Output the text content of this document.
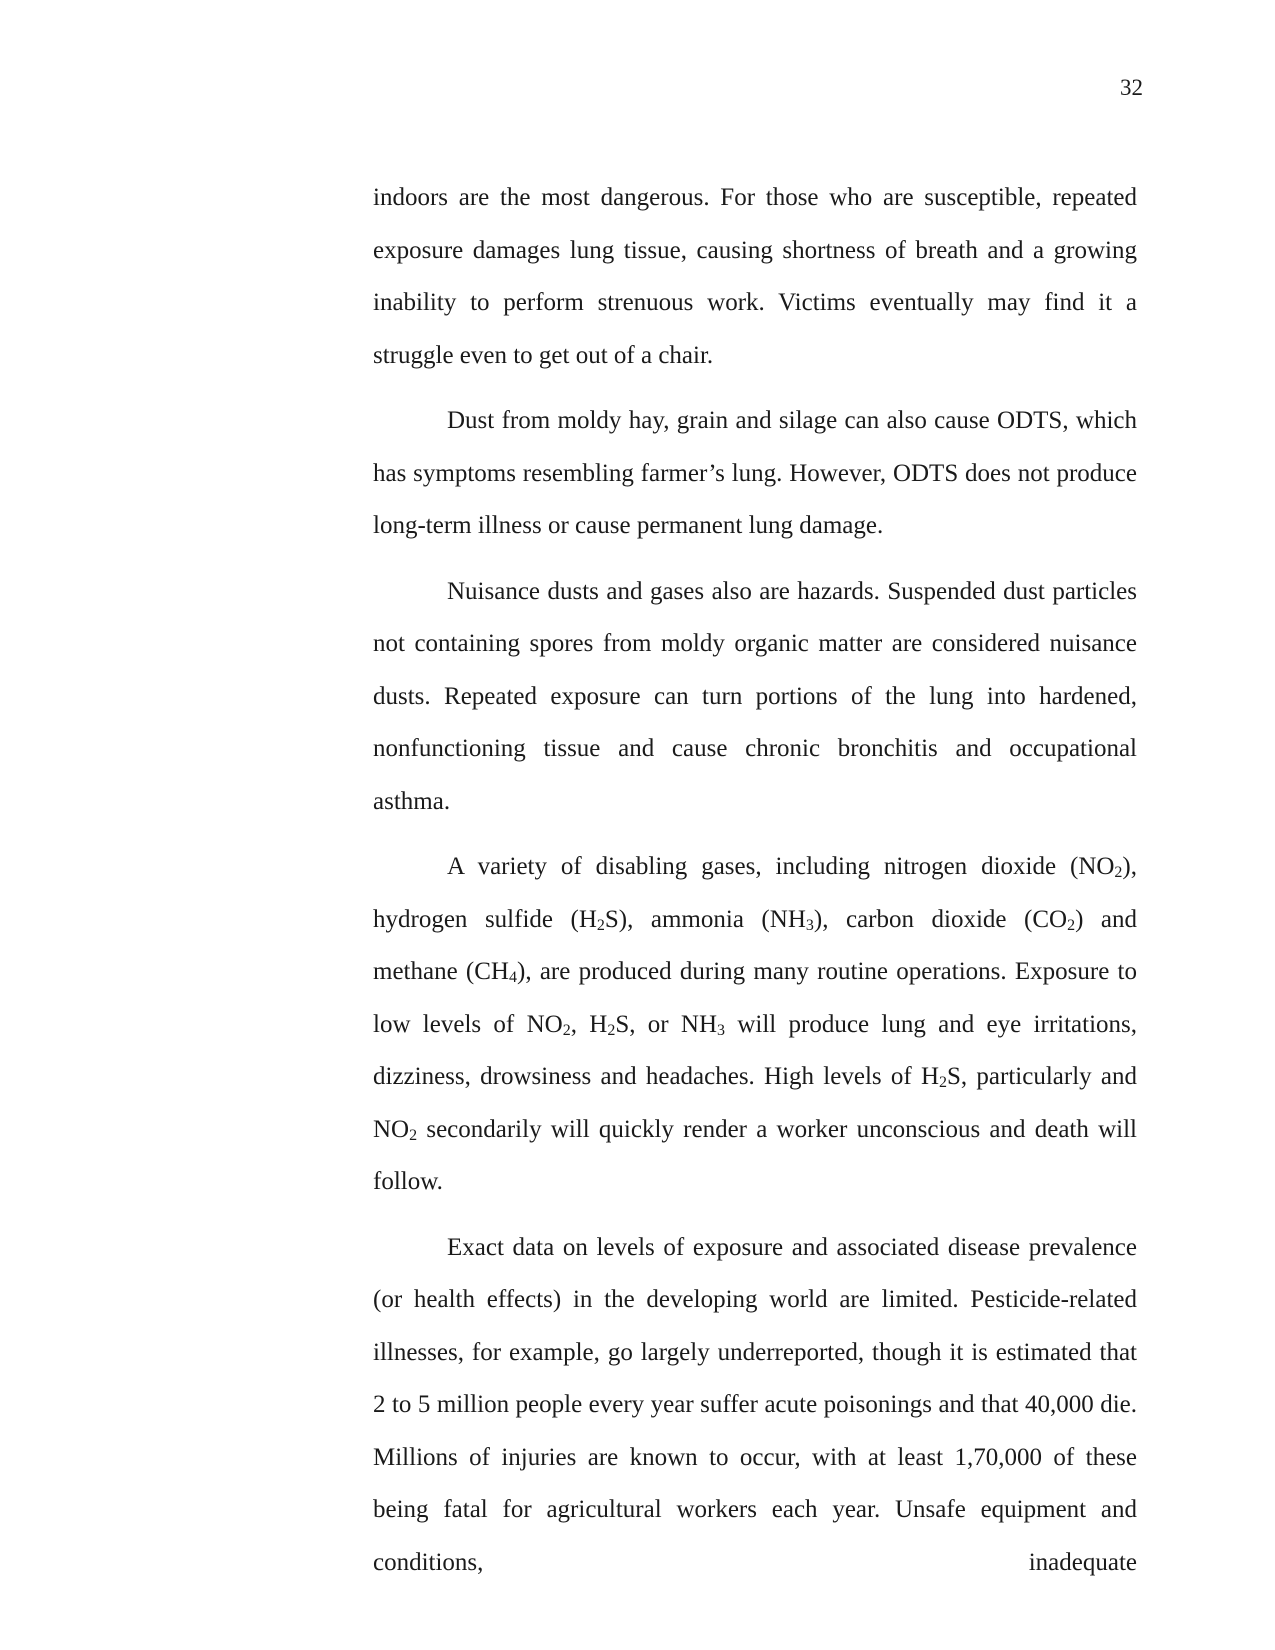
32

indoors are the most dangerous. For those who are susceptible, repeated exposure damages lung tissue, causing shortness of breath and a growing inability to perform strenuous work. Victims eventually may find it a struggle even to get out of a chair.

Dust from moldy hay, grain and silage can also cause ODTS, which has symptoms resembling farmer’s lung. However, ODTS does not produce long-term illness or cause permanent lung damage.

Nuisance dusts and gases also are hazards. Suspended dust particles not containing spores from moldy organic matter are considered nuisance dusts. Repeated exposure can turn portions of the lung into hardened, nonfunctioning tissue and cause chronic bronchitis and occupational asthma.

A variety of disabling gases, including nitrogen dioxide $(NO_2)$, hydrogen sulfide $(H_2S)$, ammonia $(NH_3)$, carbon dioxide $(CO_2)$ and methane $(CH_4)$, are produced during many routine operations. Exposure to low levels of $NO_2$, $H_2S$, or $NH_3$ will produce lung and eye irritations, dizziness, drowsiness and headaches. High levels of $H_2S$, particularly and $NO_2$ secondarily will quickly render a worker unconscious and death will follow.

Exact data on levels of exposure and associated disease prevalence (or health effects) in the developing world are limited. Pesticide-related illnesses, for example, go largely underreported, though it is estimated that 2 to 5 million people every year suffer acute poisonings and that 40,000 die. Millions of injuries are known to occur, with at least 1,70,000 of these being fatal for agricultural workers each year. Unsafe equipment and conditions, inadequate
